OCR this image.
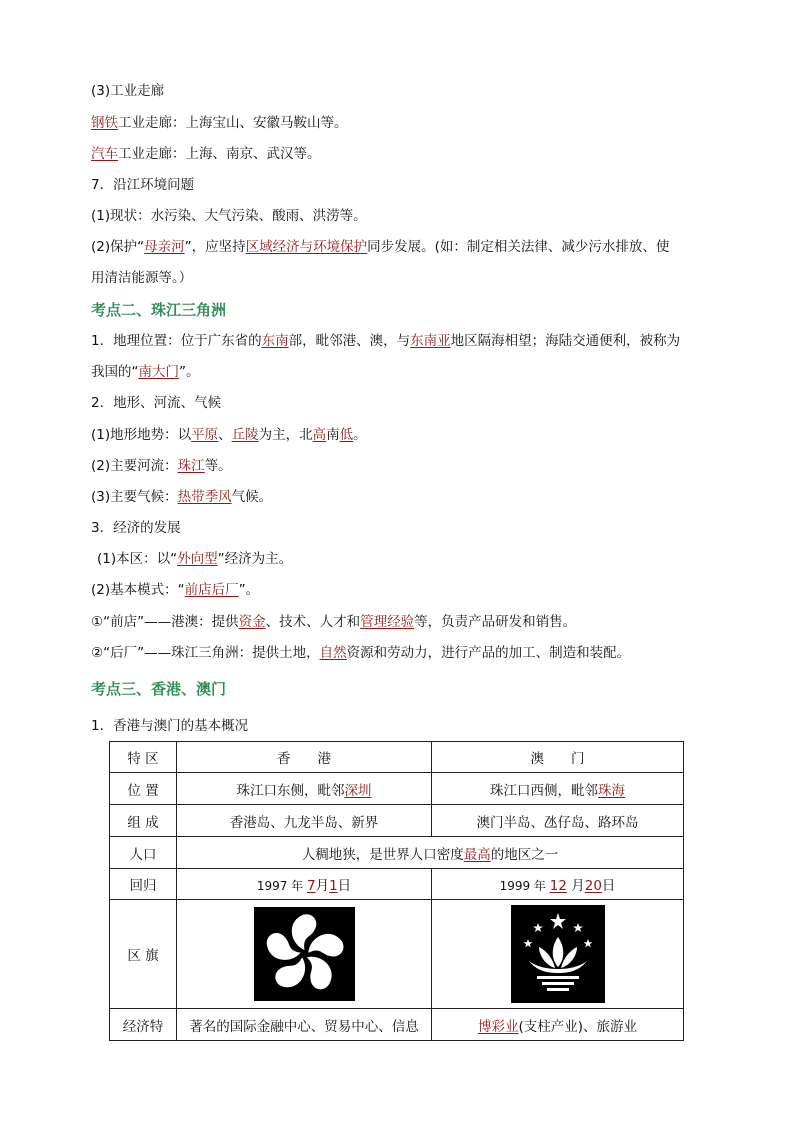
(3)工业走廊
钢铁工业走廊：上海宝山、安徽马鞍山等。
汽车工业走廊：上海、南京、武汉等。
7．沿江环境问题
(1)现状：水污染、大气污染、酸雨、洪涝等。
(2)保护“母亲河”，应坚持区域经济与环境保护同步发展。(如：制定相关法律、减少污水排放、使
用清洁能源等。）
考点二、珠江三角洲
1．地理位置：位于广东省的东南部，毗邻港、澳，与东南亚地区隔海相望；海陆交通便利，被称为
我国的“南大门”。
2．地形、河流、气候
(1)地形地势：以平原、丘陵为主，北高南低。
(2)主要河流：珠江等。
(3)主要气候：热带季风气候。
3．经济的发展
(1)本区：以“外向型”经济为主。
(2)基本模式：“前店后厂”。
①“前店”——港澳：提供资金、技术、人才和管理经验等，负责产品研发和销售。
②“后厂”——珠江三角洲：提供土地，自然资源和劳动力，进行产品的加工、制造和装配。
考点三、香港、澳门
1．香港与澳门的基本概况
特 区	香　　港	澳　　门
位 置	珠江口东侧，毗邻深圳	珠江口西侧，毗邻珠海
组 成	香港岛、九龙半岛、新界	澳门半岛、氹仔岛、路环岛
人口	人稠地狭，是世界人口密度最高的地区之一	
回归	1997 年 7月1日	1999 年 12 月20日
区 旗		
经济特	著名的国际金融中心、贸易中心、信息	博彩业(支柱产业)、旅游业
